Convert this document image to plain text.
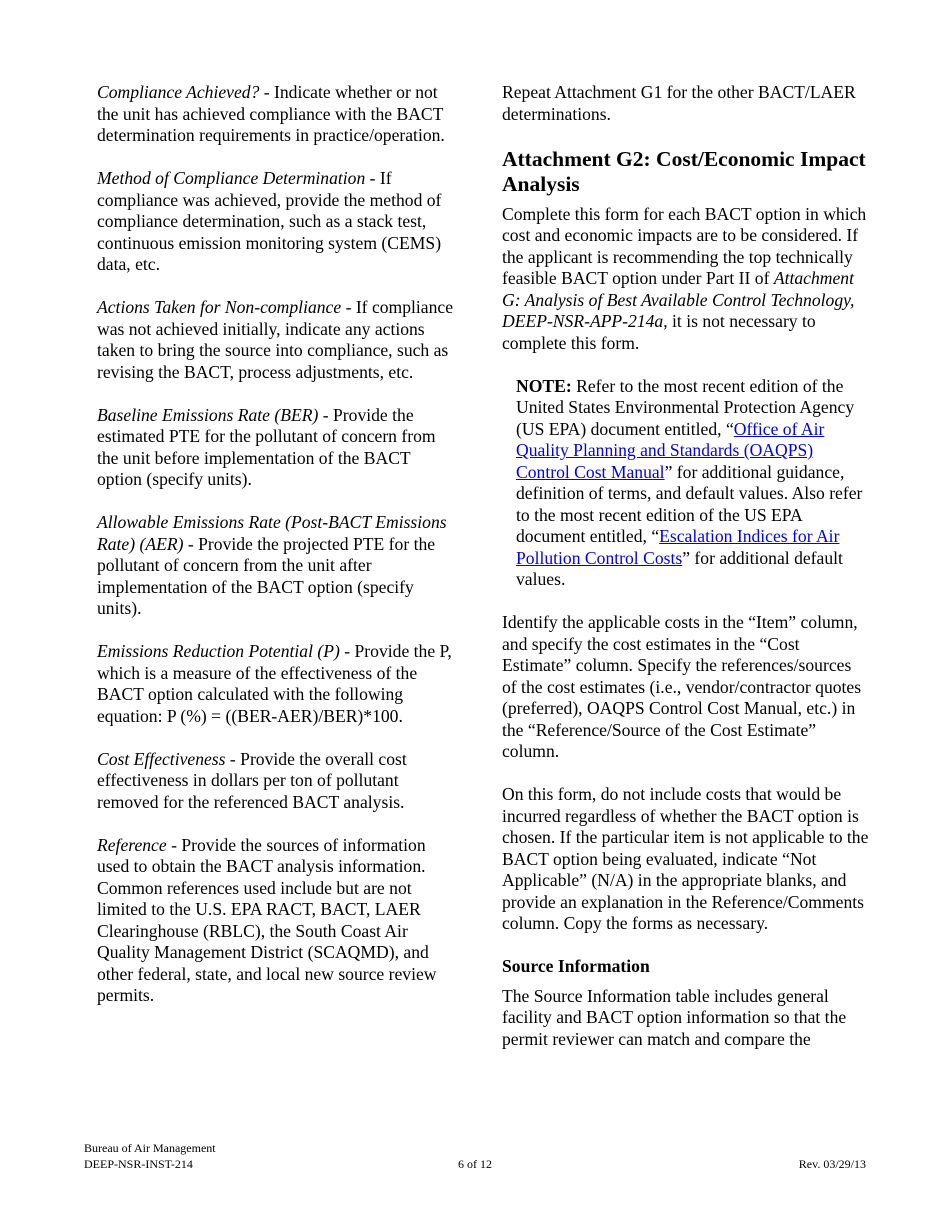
Compliance Achieved? - Indicate whether or not the unit has achieved compliance with the BACT determination requirements in practice/operation.

Method of Compliance Determination - If compliance was achieved, provide the method of compliance determination, such as a stack test, continuous emission monitoring system (CEMS) data, etc.

Actions Taken for Non-compliance - If compliance was not achieved initially, indicate any actions taken to bring the source into compliance, such as revising the BACT, process adjustments, etc.

Baseline Emissions Rate (BER) - Provide the estimated PTE for the pollutant of concern from the unit before implementation of the BACT option (specify units).

Allowable Emissions Rate (Post-BACT Emissions Rate) (AER) - Provide the projected PTE for the pollutant of concern from the unit after implementation of the BACT option (specify units).

Emissions Reduction Potential (P) - Provide the P, which is a measure of the effectiveness of the BACT option calculated with the following equation: P (%) = ((BER-AER)/BER)*100.

Cost Effectiveness - Provide the overall cost effectiveness in dollars per ton of pollutant removed for the referenced BACT analysis.

Reference - Provide the sources of information used to obtain the BACT analysis information. Common references used include but are not limited to the U.S. EPA RACT, BACT, LAER Clearinghouse (RBLC), the South Coast Air Quality Management District (SCAQMD), and other federal, state, and local new source review permits.

Repeat Attachment G1 for the other BACT/LAER determinations.

Attachment G2: Cost/Economic Impact Analysis

Complete this form for each BACT option in which cost and economic impacts are to be considered. If the applicant is recommending the top technically feasible BACT option under Part II of Attachment G: Analysis of Best Available Control Technology, DEEP-NSR-APP-214a, it is not necessary to complete this form.

NOTE: Refer to the most recent edition of the United States Environmental Protection Agency (US EPA) document entitled, “Office of Air Quality Planning and Standards (OAQPS) Control Cost Manual” for additional guidance, definition of terms, and default values. Also refer to the most recent edition of the US EPA document entitled, “Escalation Indices for Air Pollution Control Costs” for additional default values.

Identify the applicable costs in the “Item” column, and specify the cost estimates in the “Cost Estimate” column. Specify the references/sources of the cost estimates (i.e., vendor/contractor quotes (preferred), OAQPS Control Cost Manual, etc.) in the “Reference/Source of the Cost Estimate” column.

On this form, do not include costs that would be incurred regardless of whether the BACT option is chosen. If the particular item is not applicable to the BACT option being evaluated, indicate “Not Applicable” (N/A) in the appropriate blanks, and provide an explanation in the Reference/Comments column. Copy the forms as necessary.

Source Information

The Source Information table includes general facility and BACT option information so that the permit reviewer can match and compare the

Bureau of Air Management
DEEP-NSR-INST-214	6 of 12	Rev. 03/29/13
